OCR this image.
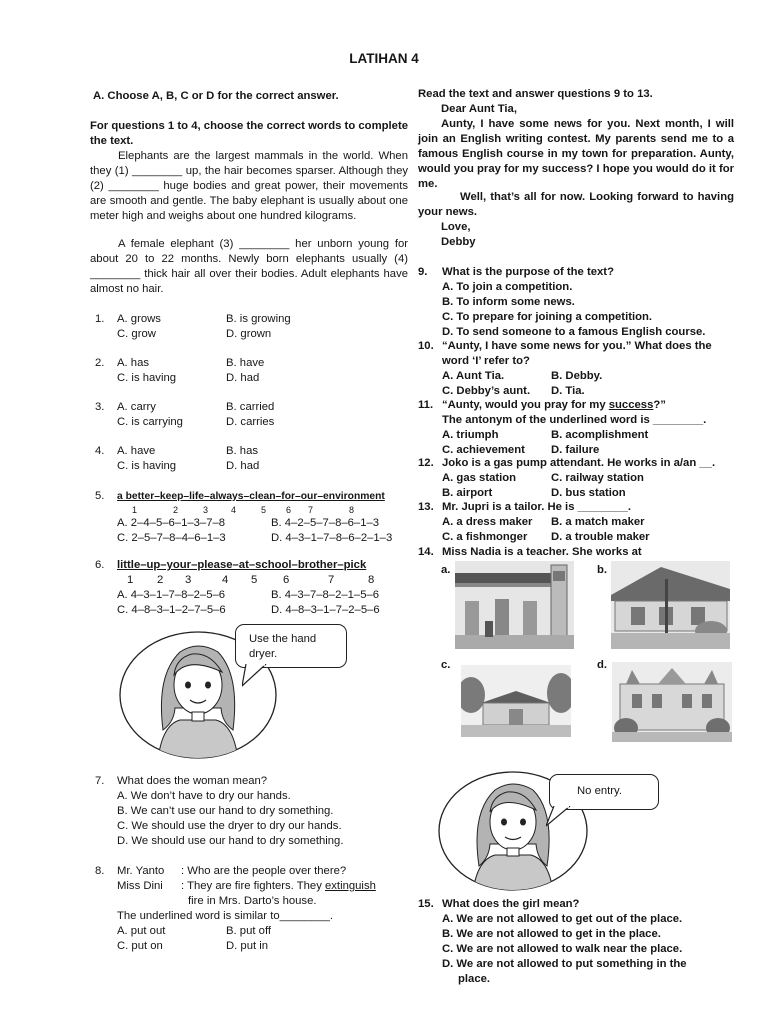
LATIHAN 4
A. Choose A, B, C or D for the correct answer.
For questions 1 to 4, choose the correct words to complete the text.
Elephants are the largest mammals in the world. When they (1) ________ up, the hair becomes sparser. Although they (2) ________ huge bodies and great power, their movements are smooth and gentle. The baby elephant is usually about one meter high and weighs about one hundred kilograms.
A female elephant (3) ________ her unborn young for about 20 to 22 months. Newly born elephants usually (4) ________ thick hair all over their bodies. Adult elephants have almost no hair.
1. A. grows	B. is growing
C. grow	D. grown
2. A. has	B. have
C. is having	D. had
3. A. carry	B. carried
C. is carrying	D. carries
4. A. have	B. has
C. is having	D. had
5. a better–keep–life–always–clean–for–our–environment
1	2	3	4	5 6 7	8
A. 2–4–5–6–1–3–7–8	B. 4–2–5–7–8–6–1–3
C. 2–5–7–8–4–6–1–3	D. 4–3–1–7–8–6–2–1–3
6. little–up–your–please–at–school–brother–pick
1 2 3	4 5 6	7	8
A. 4–3–1–7–8–2–5–6	B. 4–3–7–8–2–1–5–6
C. 4–8–3–1–2–7–5–6	D. 4–8–3–1–7–2–5–6
Use the hand dryer.
7. What does the woman mean?
A. We don’t have to dry our hands.
B. We can’t use our hand to dry something.
C. We should use the dryer to dry our hands.
D. We should use our hand to dry something.
8. Mr. Yanto : Who are the people over there?
Miss Dini : They are fire fighters. They extinguish
fire in Mrs. Darto’s house.
The underlined word is similar to________.
A. put out	B. put off
C. put on	D. put in
Read the text and answer questions 9 to 13.
Dear Aunt Tia,
Aunty, I have some news for you. Next month, I will join an English writing contest. My parents send me to a famous English course in my town for preparation. Aunty, would you pray for my success? I hope you would do it for me.
Well, that’s all for now. Looking forward to having your news.
Love,
Debby
9. What is the purpose of the text?
A. To join a competition.
B. To inform some news.
C. To prepare for joining a competition.
D. To send someone to a famous English course.
10. “Aunty, I have some news for you.” What does the
word ‘I’ refer to?
A. Aunt Tia.	B. Debby.
C. Debby’s aunt. D. Tia.
11. “Aunty, would you pray for my success?”
The antonym of the underlined word is ________.
A. triumph	B. acomplishment
C. achievement D. failure
12. Joko is a gas pump attendant. He works in a/an __.
A. gas station	C. railway station
B. airport	D. bus station
13. Mr. Jupri is a tailor. He is ________.
A. a dress maker B. a match maker
C. a fishmonger D. a trouble maker
14. Miss Nadia is a teacher. She works at
a.	b.
c.	d.
No entry.
15. What does the girl mean?
A. We are not allowed to get out of the place.
B. We are not allowed to get in the place.
C. We are not allowed to walk near the place.
D. We are not allowed to put something in the
place.
